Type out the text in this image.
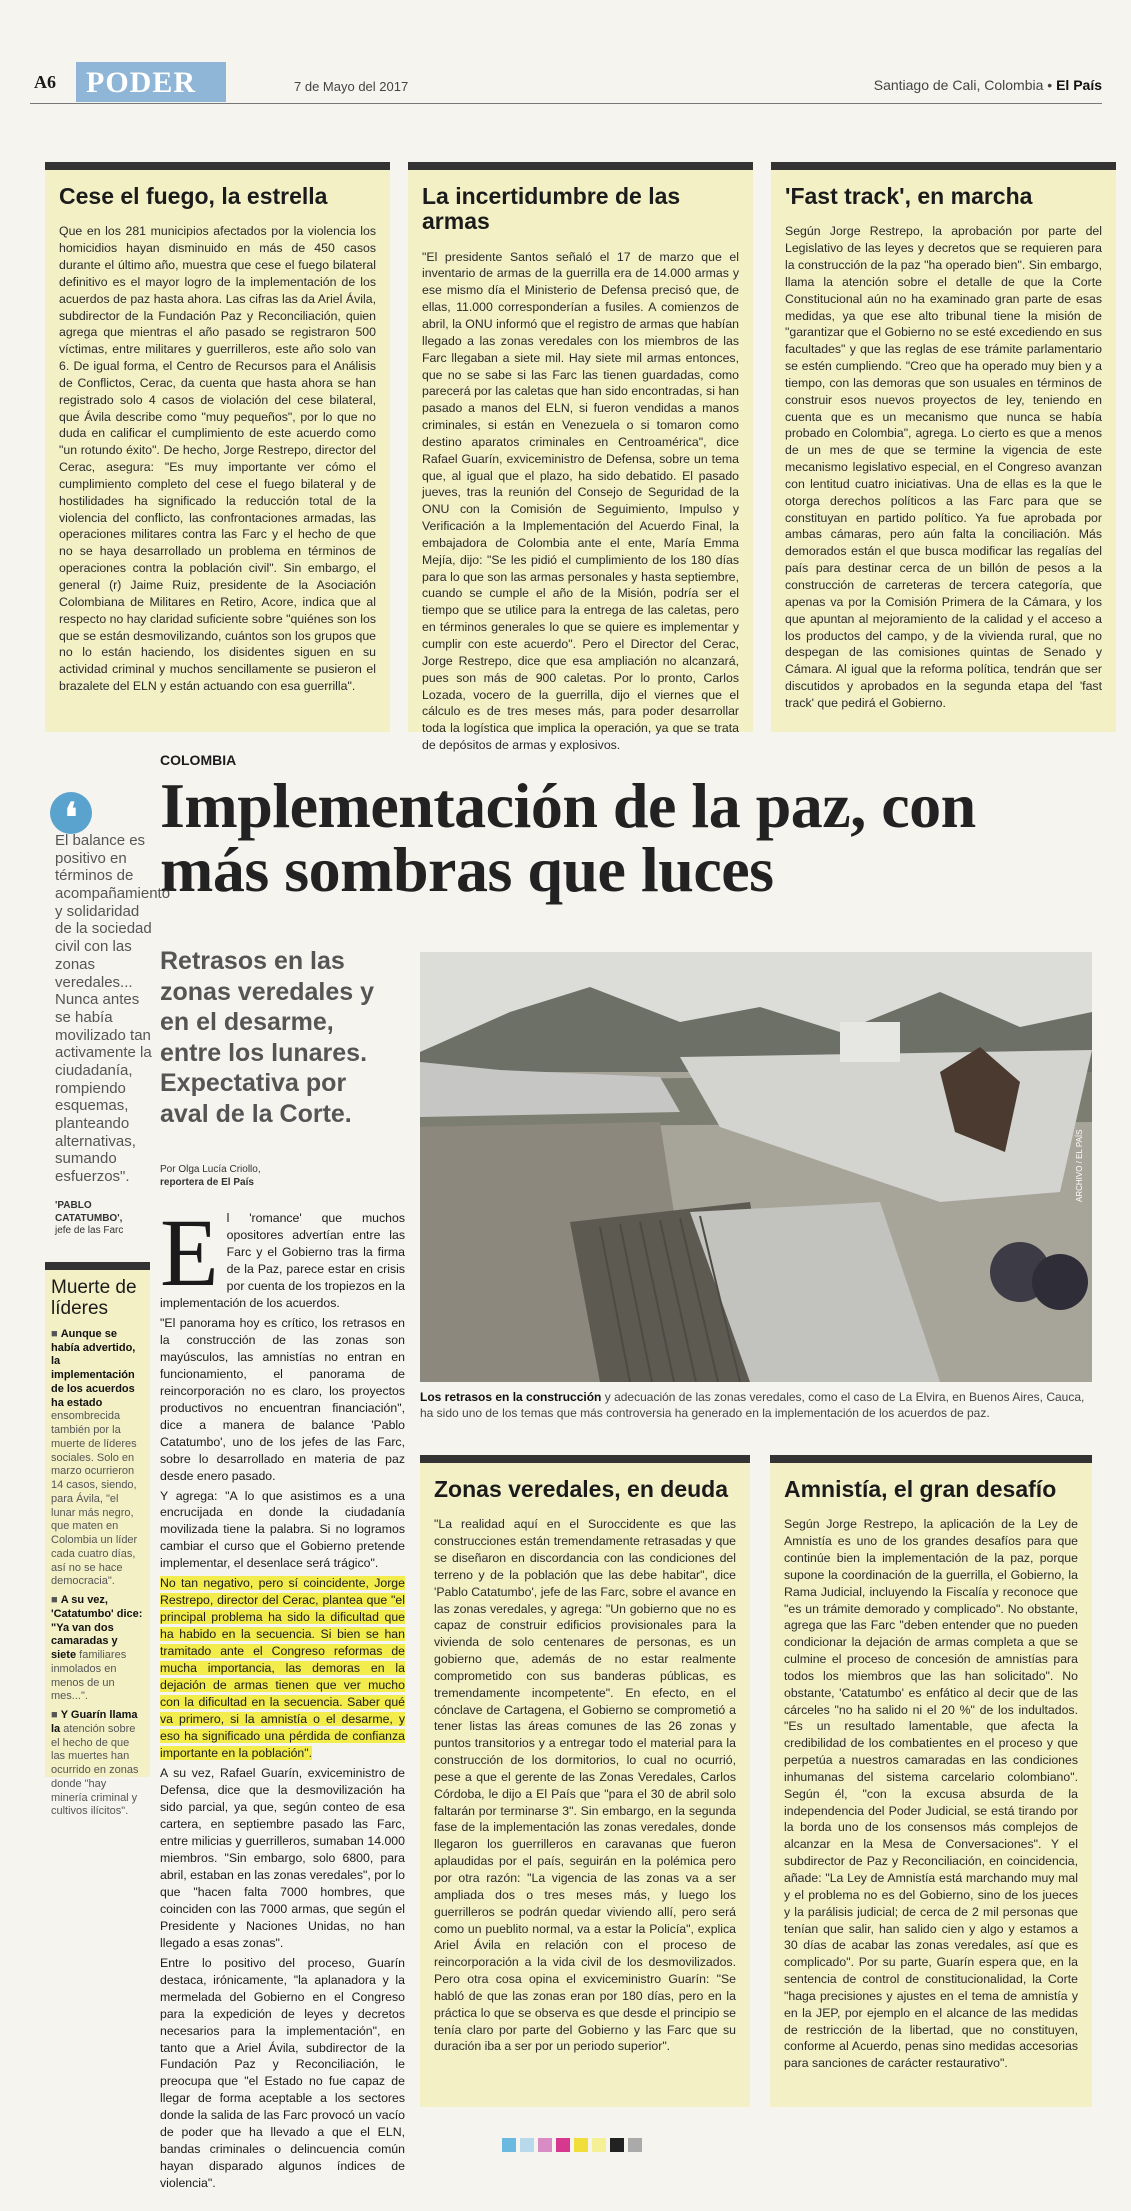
A6	PODER	7 de Mayo del 2017	Santiago de Cali, Colombia • El País
Cese el fuego, la estrella

Que en los 281 municipios afectados por la violencia los homicidios hayan disminuido en más de 450 casos durante el último año, muestra que cese el fuego bilateral definitivo es el mayor logro de la implementación de los acuerdos de paz hasta ahora. Las cifras las da Ariel Ávila, subdirector de la Fundación Paz y Reconciliación, quien agrega que mientras el año pasado se registraron 500 víctimas, entre militares y guerrilleros, este año solo van 6. De igual forma, el Centro de Recursos para el Análisis de Conflictos, Cerac, da cuenta que hasta ahora se han registrado solo 4 casos de violación del cese bilateral, que Ávila describe como "muy pequeños", por lo que no duda en calificar el cumplimiento de este acuerdo como "un rotundo éxito". De hecho, Jorge Restrepo, director del Cerac, asegura: "Es muy importante ver cómo el cumplimiento completo del cese el fuego bilateral y de hostilidades ha significado la reducción total de la violencia del conflicto, las confrontaciones armadas, las operaciones militares contra las Farc y el hecho de que no se haya desarrollado un problema en términos de operaciones contra la población civil". Sin embargo, el general (r) Jaime Ruiz, presidente de la Asociación Colombiana de Militares en Retiro, Acore, indica que al respecto no hay claridad suficiente sobre "quiénes son los que se están desmovilizando, cuántos son los grupos que no lo están haciendo, los disidentes siguen en su actividad criminal y muchos sencillamente se pusieron el brazalete del ELN y están actuando con esa guerrilla".

La incertidumbre de las armas

"El presidente Santos señaló el 17 de marzo que el inventario de armas de la guerrilla era de 14.000 armas y ese mismo día el Ministerio de Defensa precisó que, de ellas, 11.000 corresponderían a fusiles. A comienzos de abril, la ONU informó que el registro de armas que habían llegado a las zonas veredales con los miembros de las Farc llegaban a siete mil. Hay siete mil armas entonces, que no se sabe si las Farc las tienen guardadas, como parecerá por las caletas que han sido encontradas, si han pasado a manos del ELN, si fueron vendidas a manos criminales, si están en Venezuela o si tomaron como destino aparatos criminales en Centroamérica", dice Rafael Guarín, exviceministro de Defensa, sobre un tema que, al igual que el plazo, ha sido debatido. El pasado jueves, tras la reunión del Consejo de Seguridad de la ONU con la Comisión de Seguimiento, Impulso y Verificación a la Implementación del Acuerdo Final, la embajadora de Colombia ante el ente, María Emma Mejía, dijo: "Se les pidió el cumplimiento de los 180 días para lo que son las armas personales y hasta septiembre, cuando se cumple el año de la Misión, podría ser el tiempo que se utilice para la entrega de las caletas, pero en términos generales lo que se quiere es implementar y cumplir con este acuerdo". Pero el Director del Cerac, Jorge Restrepo, dice que esa ampliación no alcanzará, pues son más de 900 caletas. Por lo pronto, Carlos Lozada, vocero de la guerrilla, dijo el viernes que el cálculo es de tres meses más, para poder desarrollar toda la logística que implica la operación, ya que se trata de depósitos de armas y explosivos.

'Fast track', en marcha

Según Jorge Restrepo, la aprobación por parte del Legislativo de las leyes y decretos que se requieren para la construcción de la paz "ha operado bien". Sin embargo, llama la atención sobre el detalle de que la Corte Constitucional aún no ha examinado gran parte de esas medidas, ya que ese alto tribunal tiene la misión de "garantizar que el Gobierno no se esté excediendo en sus facultades" y que las reglas de ese trámite parlamentario se estén cumpliendo. "Creo que ha operado muy bien y a tiempo, con las demoras que son usuales en términos de construir esos nuevos proyectos de ley, teniendo en cuenta que es un mecanismo que nunca se había probado en Colombia", agrega. Lo cierto es que a menos de un mes de que se termine la vigencia de este mecanismo legislativo especial, en el Congreso avanzan con lentitud cuatro iniciativas. Una de ellas es la que le otorga derechos políticos a las Farc para que se constituyan en partido político. Ya fue aprobada por ambas cámaras, pero aún falta la conciliación. Más demorados están el que busca modificar las regalías del país para destinar cerca de un billón de pesos a la construcción de carreteras de tercera categoría, que apenas va por la Comisión Primera de la Cámara, y los que apuntan al mejoramiento de la calidad y el acceso a los productos del campo, y de la vivienda rural, que no despegan de las comisiones quintas de Senado y Cámara. Al igual que la reforma política, tendrán que ser discutidos y aprobados en la segunda etapa del 'fast track' que pedirá el Gobierno.

COLOMBIA
Implementación de la paz, con más sombras que luces
Retrasos en las zonas veredales y en el desarme, entre los lunares. Expectativa por aval de la Corte.
Por Olga Lucía Criollo,
reportera de El País
❛
El balance es positivo en términos de acompañamiento y solidaridad de la sociedad civil con las zonas veredales... Nunca antes se había movilizado tan activamente la ciudadanía, rompiendo esquemas, planteando alternativas, sumando esfuerzos".
'PABLO CATATUMBO',
jefe de las Farc
Muerte de líderes

■ Aunque se había advertido, la implementación de los acuerdos ha estado ensombrecida también por la muerte de líderes sociales. Solo en marzo ocurrieron 14 casos, siendo, para Ávila, "el lunar más negro, que maten en Colombia un líder cada cuatro días, así no se hace democracia".

■ A su vez, 'Catatumbo' dice: "Ya van dos camaradas y siete familiares inmolados en menos de un mes...".

■ Y Guarín llama la atención sobre el hecho de que las muertes han ocurrido en zonas donde "hay minería criminal y cultivos ilícitos".

ARCHIVO / EL PAÍS
Los retrasos en la construcción y adecuación de las zonas veredales, como el caso de La Elvira, en Buenos Aires, Cauca, ha sido uno de los temas que más controversia ha generado en la implementación de los acuerdos de paz.

El 'romance' que muchos opositores advertían entre las Farc y el Gobierno tras la firma de la Paz, parece estar en crisis por cuenta de los tropiezos en la implementación de los acuerdos.

"El panorama hoy es crítico, los retrasos en la construcción de las zonas son mayúsculos, las amnistías no entran en funcionamiento, el panorama de reincorporación no es claro, los proyectos productivos no encuentran financiación", dice a manera de balance 'Pablo Catatumbo', uno de los jefes de las Farc, sobre lo desarrollado en materia de paz desde enero pasado.

Y agrega: "A lo que asistimos es a una encrucijada en donde la ciudadanía movilizada tiene la palabra. Si no logramos cambiar el curso que el Gobierno pretende implementar, el desenlace será trágico".

No tan negativo, pero sí coincidente, Jorge Restrepo, director del Cerac, plantea que "el principal problema ha sido la dificultad que ha habido en la secuencia. Si bien se han tramitado ante el Congreso reformas de mucha importancia, las demoras en la dejación de armas tienen que ver mucho con la dificultad en la secuencia. Saber qué va primero, si la amnistía o el desarme, y eso ha significado una pérdida de confianza importante en la población".

A su vez, Rafael Guarín, exviceministro de Defensa, dice que la desmovilización ha sido parcial, ya que, según conteo de esa cartera, en septiembre pasado las Farc, entre milicias y guerrilleros, sumaban 14.000 miembros. "Sin embargo, solo 6800, para abril, estaban en las zonas veredales", por lo que "hacen falta 7000 hombres, que coinciden con las 7000 armas, que según el Presidente y Naciones Unidas, no han llegado a esas zonas".

Entre lo positivo del proceso, Guarín destaca, irónicamente, "la aplanadora y la mermelada del Gobierno en el Congreso para la expedición de leyes y decretos necesarios para la implementación", en tanto que a Ariel Ávila, subdirector de la Fundación Paz y Reconciliación, le preocupa que "el Estado no fue capaz de llegar de forma aceptable a los sectores donde la salida de las Farc provocó un vacío de poder que ha llevado a que el ELN, bandas criminales o delincuencia común hayan disparado algunos índices de violencia".

Zonas veredales, en deuda

"La realidad aquí en el Suroccidente es que las construcciones están tremendamente retrasadas y que se diseñaron en discordancia con las condiciones del terreno y de la población que las debe habitar", dice 'Pablo Catatumbo', jefe de las Farc, sobre el avance en las zonas veredales, y agrega: "Un gobierno que no es capaz de construir edificios provisionales para la vivienda de solo centenares de personas, es un gobierno que, además de no estar realmente comprometido con sus banderas públicas, es tremendamente incompetente". En efecto, en el cónclave de Cartagena, el Gobierno se comprometió a tener listas las áreas comunes de las 26 zonas y puntos transitorios y a entregar todo el material para la construcción de los dormitorios, lo cual no ocurrió, pese a que el gerente de las Zonas Veredales, Carlos Córdoba, le dijo a El País que "para el 30 de abril solo faltarán por terminarse 3". Sin embargo, en la segunda fase de la implementación las zonas veredales, donde llegaron los guerrilleros en caravanas que fueron aplaudidas por el país, seguirán en la polémica pero por otra razón: "La vigencia de las zonas va a ser ampliada dos o tres meses más, y luego los guerrilleros se podrán quedar viviendo allí, pero será como un pueblito normal, va a estar la Policía", explica Ariel Ávila en relación con el proceso de reincorporación a la vida civil de los desmovilizados. Pero otra cosa opina el exviceministro Guarín: "Se habló de que las zonas eran por 180 días, pero en la práctica lo que se observa es que desde el principio se tenía claro por parte del Gobierno y las Farc que su duración iba a ser por un periodo superior".

Amnistía, el gran desafío

Según Jorge Restrepo, la aplicación de la Ley de Amnistía es uno de los grandes desafíos para que continúe bien la implementación de la paz, porque supone la coordinación de la guerrilla, el Gobierno, la Rama Judicial, incluyendo la Fiscalía y reconoce que "es un trámite demorado y complicado". No obstante, agrega que las Farc "deben entender que no pueden condicionar la dejación de armas completa a que se culmine el proceso de concesión de amnistías para todos los miembros que las han solicitado". No obstante, 'Catatumbo' es enfático al decir que de las cárceles "no ha salido ni el 20 %" de los indultados. "Es un resultado lamentable, que afecta la credibilidad de los combatientes en el proceso y que perpetúa a nuestros camaradas en las condiciones inhumanas del sistema carcelario colombiano". Según él, "con la excusa absurda de la independencia del Poder Judicial, se está tirando por la borda uno de los consensos más complejos de alcanzar en la Mesa de Conversaciones". Y el subdirector de Paz y Reconciliación, en coincidencia, añade: "La Ley de Amnistía está marchando muy mal y el problema no es del Gobierno, sino de los jueces y la parálisis judicial; de cerca de 2 mil personas que tenían que salir, han salido cien y algo y estamos a 30 días de acabar las zonas veredales, así que es complicado". Por su parte, Guarín espera que, en la sentencia de control de constitucionalidad, la Corte "haga precisiones y ajustes en el tema de amnistía y en la JEP, por ejemplo en el alcance de las medidas de restricción de la libertad, que no constituyen, conforme al Acuerdo, penas sino medidas accesorias para sanciones de carácter restaurativo".
